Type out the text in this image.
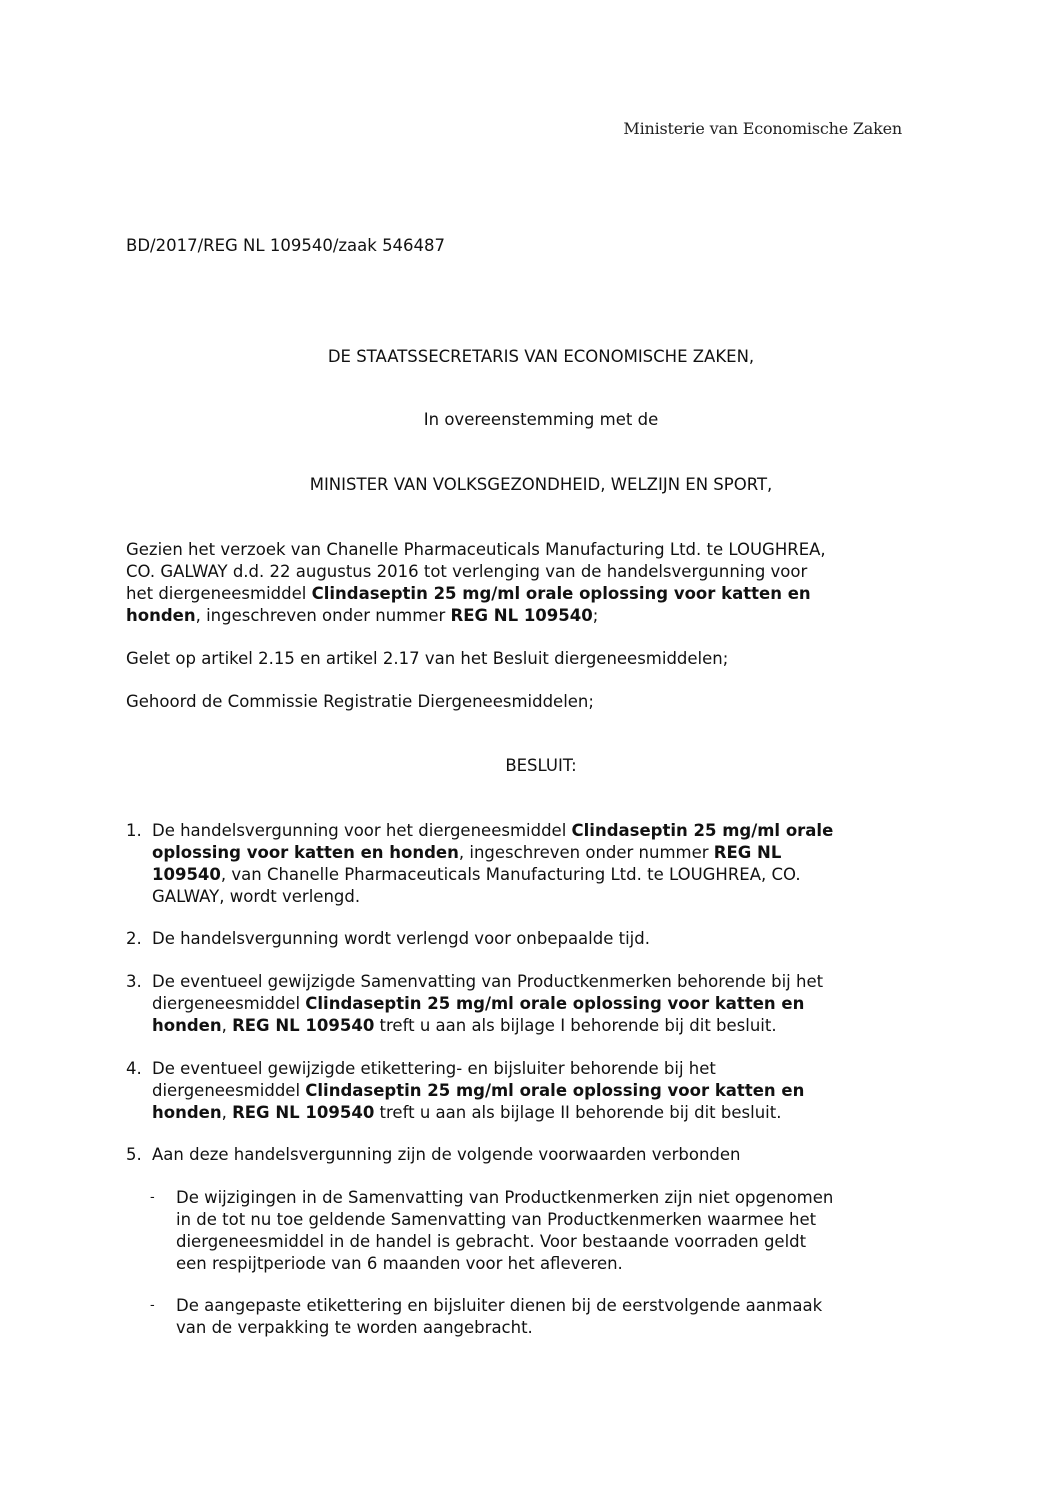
Ministerie van Economische Zaken
BD/2017/REG NL 109540/zaak 546487
DE STAATSSECRETARIS VAN ECONOMISCHE ZAKEN,
In overeenstemming met de
MINISTER VAN VOLKSGEZONDHEID, WELZIJN EN SPORT,
Gezien het verzoek van Chanelle Pharmaceuticals Manufacturing Ltd. te LOUGHREA,
CO. GALWAY d.d. 22 augustus 2016 tot verlenging van de handelsvergunning voor
het diergeneesmiddel Clindaseptin 25 mg/ml orale oplossing voor katten en
honden, ingeschreven onder nummer REG NL 109540;
Gelet op artikel 2.15 en artikel 2.17 van het Besluit diergeneesmiddelen;
Gehoord de Commissie Registratie Diergeneesmiddelen;
BESLUIT:
1. De handelsvergunning voor het diergeneesmiddel Clindaseptin 25 mg/ml orale
oplossing voor katten en honden, ingeschreven onder nummer REG NL
109540, van Chanelle Pharmaceuticals Manufacturing Ltd. te LOUGHREA, CO.
GALWAY, wordt verlengd.
2. De handelsvergunning wordt verlengd voor onbepaalde tijd.
3. De eventueel gewijzigde Samenvatting van Productkenmerken behorende bij het
diergeneesmiddel Clindaseptin 25 mg/ml orale oplossing voor katten en
honden, REG NL 109540 treft u aan als bijlage I behorende bij dit besluit.
4. De eventueel gewijzigde etikettering- en bijsluiter behorende bij het
diergeneesmiddel Clindaseptin 25 mg/ml orale oplossing voor katten en
honden, REG NL 109540 treft u aan als bijlage II behorende bij dit besluit.
5. Aan deze handelsvergunning zijn de volgende voorwaarden verbonden
-	De wijzigingen in de Samenvatting van Productkenmerken zijn niet opgenomen
in de tot nu toe geldende Samenvatting van Productkenmerken waarmee het
diergeneesmiddel in de handel is gebracht. Voor bestaande voorraden geldt
een respijtperiode van 6 maanden voor het afleveren.
-	De aangepaste etikettering en bijsluiter dienen bij de eerstvolgende aanmaak
van de verpakking te worden aangebracht.
